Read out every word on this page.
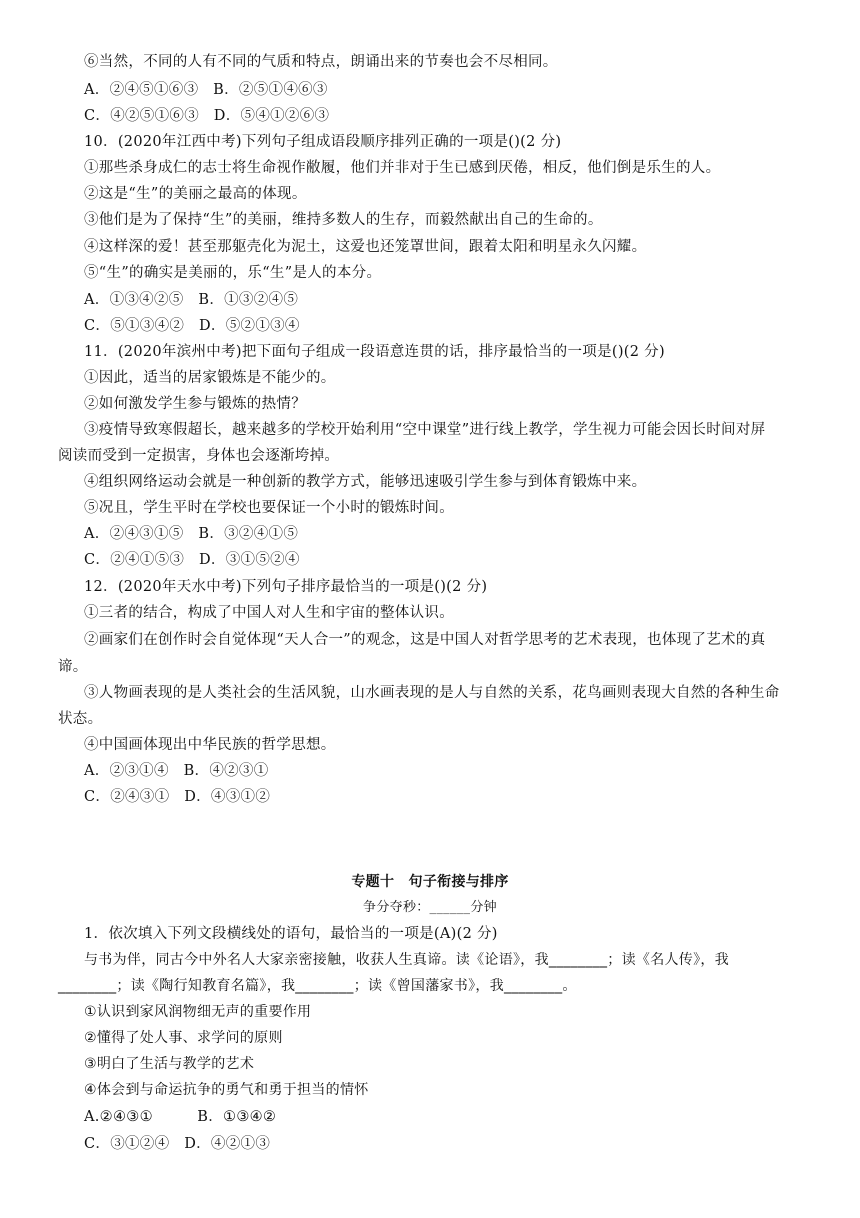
⑥当然，不同的人有不同的气质和特点，朗诵出来的节奏也会不尽相同。
A．②④⑤①⑥③　B．②⑤①④⑥③
C．④②⑤①⑥③　D．⑤④①②⑥③
10．(2020年江西中考)下列句子组成语段顺序排列正确的一项是()(2 分)
①那些杀身成仁的志士将生命视作敝履，他们并非对于生已感到厌倦，相反，他们倒是乐生的人。
②这是“生”的美丽之最高的体现。
③他们是为了保持“生”的美丽，维持多数人的生存，而毅然献出自己的生命的。
④这样深的爱！甚至那躯壳化为泥土，这爱也还笼罩世间，跟着太阳和明星永久闪耀。
⑤“生”的确实是美丽的，乐“生”是人的本分。
A．①③④②⑤　B．①③②④⑤
C．⑤①③④②　D．⑤②①③④
11．(2020年滨州中考)把下面句子组成一段语意连贯的话，排序最恰当的一项是()(2 分)
①因此，适当的居家锻炼是不能少的。
②如何激发学生参与锻炼的热情？
③疫情导致寒假超长，越来越多的学校开始利用“空中课堂”进行线上教学，学生视力可能会因长时间对屏
阅读而受到一定损害，身体也会逐渐垮掉。
④组织网络运动会就是一种创新的教学方式，能够迅速吸引学生参与到体育锻炼中来。
⑤况且，学生平时在学校也要保证一个小时的锻炼时间。
A．②④③①⑤　B．③②④①⑤
C．②④①⑤③　D．③①⑤②④
12．(2020年天水中考)下列句子排序最恰当的一项是()(2 分)
①三者的结合，构成了中国人对人生和宇宙的整体认识。
②画家们在创作时会自觉体现“天人合一”的观念，这是中国人对哲学思考的艺术表现，也体现了艺术的真
谛。
③人物画表现的是人类社会的生活风貌，山水画表现的是人与自然的关系，花鸟画则表现大自然的各种生命
状态。
④中国画体现出中华民族的哲学思想。
A．②③①④　B．④②③①
C．②④③①　D．④③①②
专题十　句子衔接与排序
争分夺秒：______分钟
1．依次填入下列文段横线处的语句，最恰当的一项是(A)(2 分)
与书为伴，同古今中外名人大家亲密接触，收获人生真谛。读《论语》，我________；读《名人传》，我
________；读《陶行知教育名篇》，我________；读《曾国藩家书》，我________。
①认识到家风润物细无声的重要作用
②懂得了处人事、求学问的原则
③明白了生活与教学的艺术
④体会到与命运抗争的勇气和勇于担当的情怀
A.②④③①　　　B．①③④②
C．③①②④　D．④②①③
